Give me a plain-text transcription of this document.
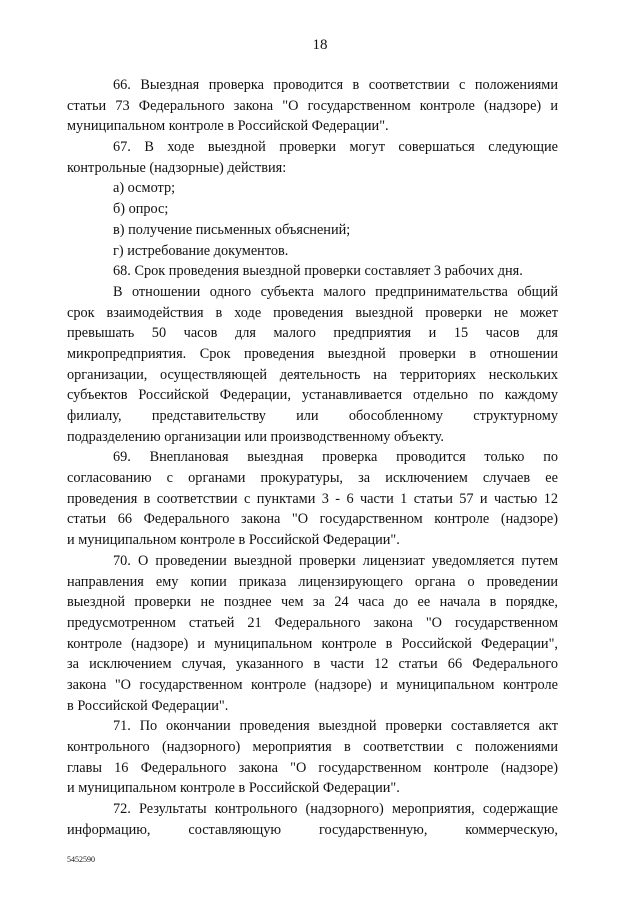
18
66. Выездная проверка проводится в соответствии с положениями
статьи 73 Федерального закона "О государственном контроле (надзоре) и
муниципальном контроле в Российской Федерации".
67. В ходе выездной проверки могут совершаться следующие
контрольные (надзорные) действия:
а) осмотр;
б) опрос;
в) получение письменных объяснений;
г) истребование документов.
68. Срок проведения выездной проверки составляет 3 рабочих дня.
В отношении одного субъекта малого предпринимательства общий
срок взаимодействия в ходе проведения выездной проверки не может
превышать 50 часов для малого предприятия и 15 часов для
микропредприятия. Срок проведения выездной проверки в отношении
организации, осуществляющей деятельность на территориях нескольких
субъектов Российской Федерации, устанавливается отдельно по каждому
филиалу, представительству или обособленному структурному
подразделению организации или производственному объекту.
69. Внеплановая выездная проверка проводится только по
согласованию с органами прокуратуры, за исключением случаев ее
проведения в соответствии с пунктами 3 - 6 части 1 статьи 57 и частью 12
статьи 66 Федерального закона "О государственном контроле (надзоре)
и муниципальном контроле в Российской Федерации".
70. О проведении выездной проверки лицензиат уведомляется путем
направления ему копии приказа лицензирующего органа о проведении
выездной проверки не позднее чем за 24 часа до ее начала в порядке,
предусмотренном статьей 21 Федерального закона "О государственном
контроле (надзоре) и муниципальном контроле в Российской Федерации",
за исключением случая, указанного в части 12 статьи 66 Федерального
закона "О государственном контроле (надзоре) и муниципальном контроле
в Российской Федерации".
71. По окончании проведения выездной проверки составляется акт
контрольного (надзорного) мероприятия в соответствии с положениями
главы 16 Федерального закона "О государственном контроле (надзоре)
и муниципальном контроле в Российской Федерации".
72. Результаты контрольного (надзорного) мероприятия, содержащие
информацию, составляющую государственную, коммерческую,
5452590
